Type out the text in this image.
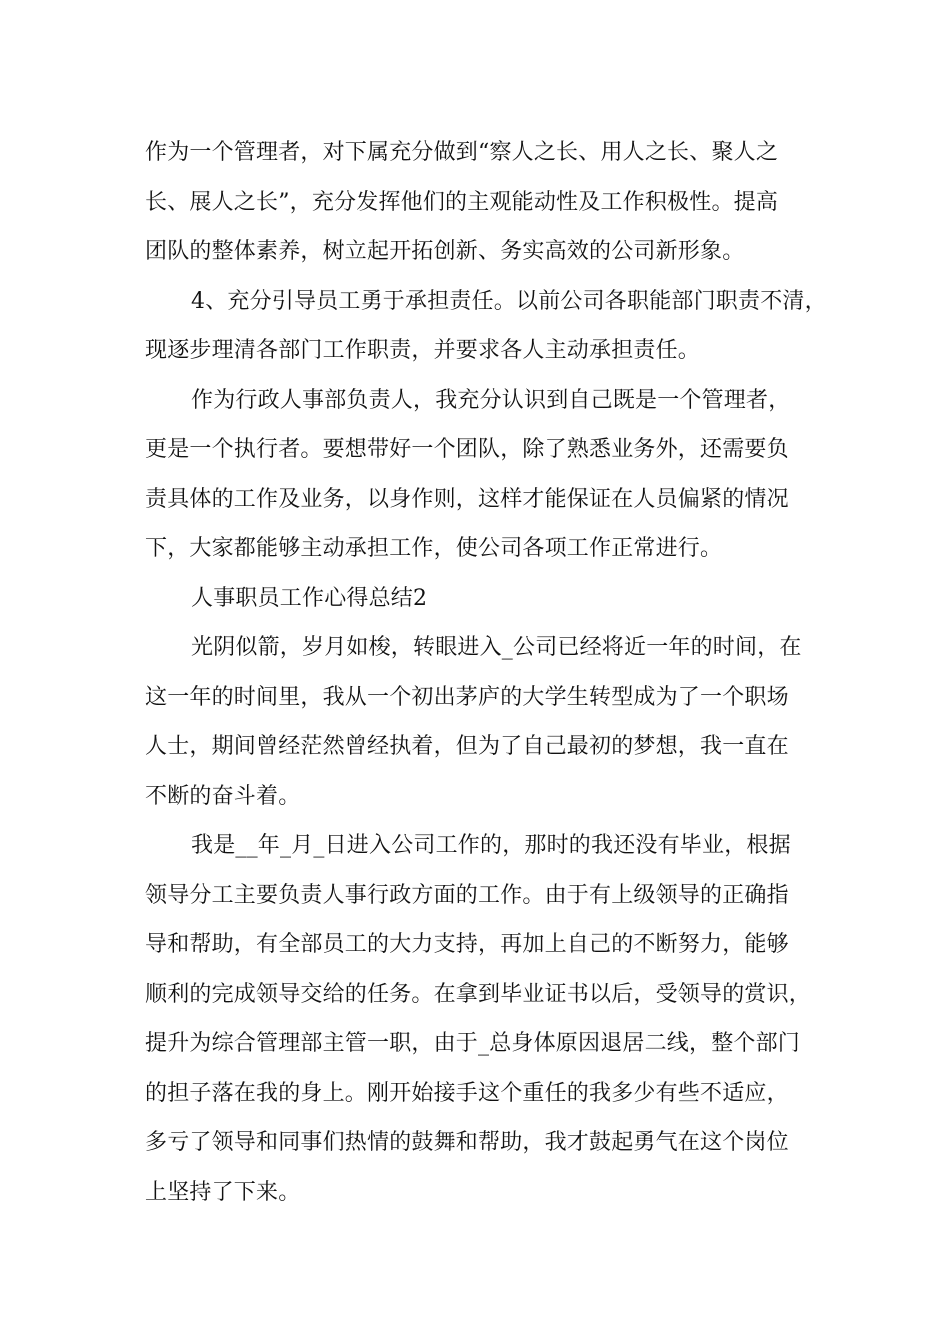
作为一个管理者，对下属充分做到“察人之长、用人之长、聚人之
长、展人之长”，充分发挥他们的主观能动性及工作积极性。提高
团队的整体素养，树立起开拓创新、务实高效的公司新形象。
4、充分引导员工勇于承担责任。以前公司各职能部门职责不清，
现逐步理清各部门工作职责，并要求各人主动承担责任。
作为行政人事部负责人，我充分认识到自己既是一个管理者，
更是一个执行者。要想带好一个团队，除了熟悉业务外，还需要负
责具体的工作及业务，以身作则，这样才能保证在人员偏紧的情况
下，大家都能够主动承担工作，使公司各项工作正常进行。
人事职员工作心得总结2
光阴似箭，岁月如梭，转眼进入_公司已经将近一年的时间，在
这一年的时间里，我从一个初出茅庐的大学生转型成为了一个职场
人士，期间曾经茫然曾经执着，但为了自己最初的梦想，我一直在
不断的奋斗着。
我是__年_月_日进入公司工作的，那时的我还没有毕业，根据
领导分工主要负责人事行政方面的工作。由于有上级领导的正确指
导和帮助，有全部员工的大力支持，再加上自己的不断努力，能够
顺利的完成领导交给的任务。在拿到毕业证书以后，受领导的赏识，
提升为综合管理部主管一职，由于_总身体原因退居二线，整个部门
的担子落在我的身上。刚开始接手这个重任的我多少有些不适应，
多亏了领导和同事们热情的鼓舞和帮助，我才鼓起勇气在这个岗位
上坚持了下来。
